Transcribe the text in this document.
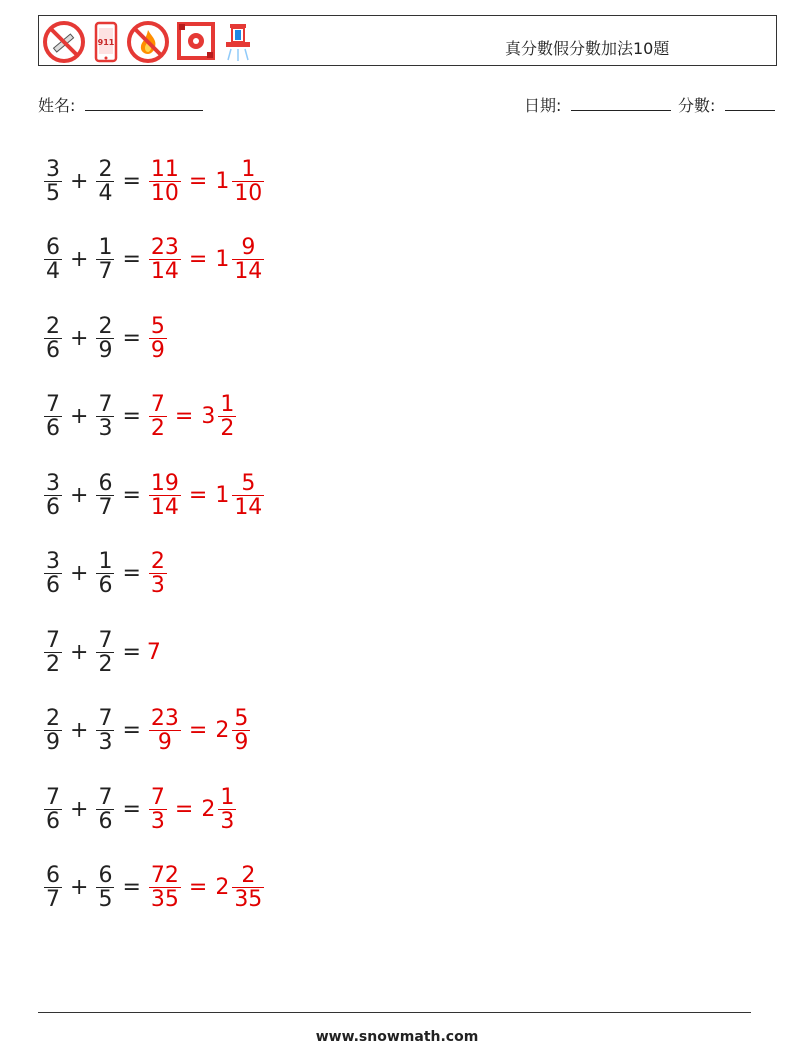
911	真分數假分數加法10題
姓名:	日期:	分數:
$\frac{3}{5} + \frac{2}{4} = \frac{11}{10} = 1 \frac{1}{10}$
$\frac{6}{4} + \frac{1}{7} = \frac{23}{14} = 1 \frac{9}{14}$
$\frac{2}{6} + \frac{2}{9} = \frac{5}{9}$
$\frac{7}{6} + \frac{7}{3} = \frac{7}{2} = 3 \frac{1}{2}$
$\frac{3}{6} + \frac{6}{7} = \frac{19}{14} = 1 \frac{5}{14}$
$\frac{3}{6} + \frac{1}{6} = \frac{2}{3}$
$\frac{7}{2} + \frac{7}{2} = 7$
$\frac{2}{9} + \frac{7}{3} = \frac{23}{9} = 2 \frac{5}{9}$
$\frac{7}{6} + \frac{7}{6} = \frac{7}{3} = 2 \frac{1}{3}$
$\frac{6}{7} + \frac{6}{5} = \frac{72}{35} = 2 \frac{2}{35}$
www.snowmath.com
